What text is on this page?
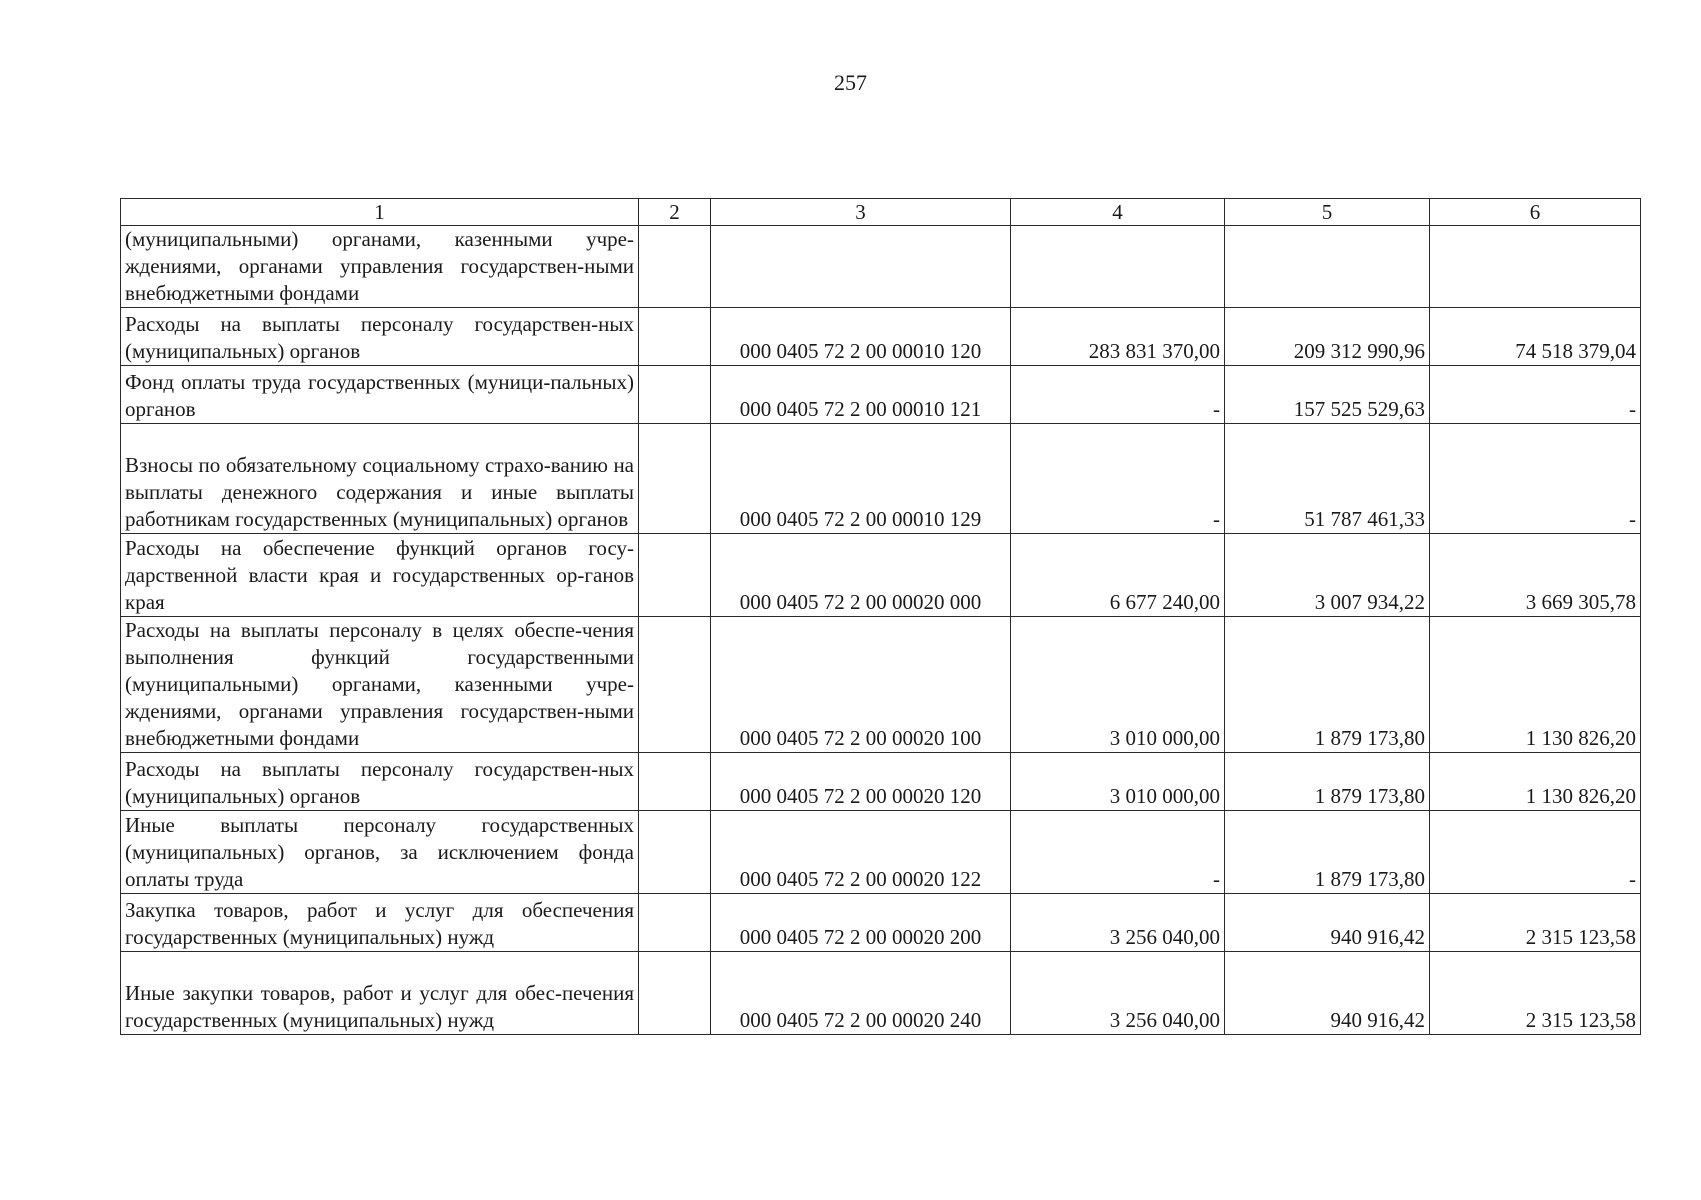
257
1	2	3	4	5	6
(муниципальными) органами, казенными учре-ждениями, органами управления государствен-ными внебюджетными фондами					
Расходы на выплаты персоналу государствен-ных (муниципальных) органов		000 0405 72 2 00 00010 120	283 831 370,00	209 312 990,96	74 518 379,04
Фонд оплаты труда государственных (муници-пальных) органов		000 0405 72 2 00 00010 121	-	157 525 529,63	-
Взносы по обязательному социальному страхо-ванию на выплаты денежного содержания и иные выплаты работникам государственных (муниципальных) органов		000 0405 72 2 00 00010 129	-	51 787 461,33	-
Расходы на обеспечение функций органов госу-дарственной власти края и государственных ор-ганов края		000 0405 72 2 00 00020 000	6 677 240,00	3 007 934,22	3 669 305,78
Расходы на выплаты персоналу в целях обеспе-чения выполнения функций государственными (муниципальными) органами, казенными учре-ждениями, органами управления государствен-ными внебюджетными фондами		000 0405 72 2 00 00020 100	3 010 000,00	1 879 173,80	1 130 826,20
Расходы на выплаты персоналу государствен-ных (муниципальных) органов		000 0405 72 2 00 00020 120	3 010 000,00	1 879 173,80	1 130 826,20
Иные выплаты персоналу государственных (муниципальных) органов, за исключением фонда оплаты труда		000 0405 72 2 00 00020 122	-	1 879 173,80	-
Закупка товаров, работ и услуг для обеспечения государственных (муниципальных) нужд		000 0405 72 2 00 00020 200	3 256 040,00	940 916,42	2 315 123,58
Иные закупки товаров, работ и услуг для обес-печения государственных (муниципальных) нужд		000 0405 72 2 00 00020 240	3 256 040,00	940 916,42	2 315 123,58
